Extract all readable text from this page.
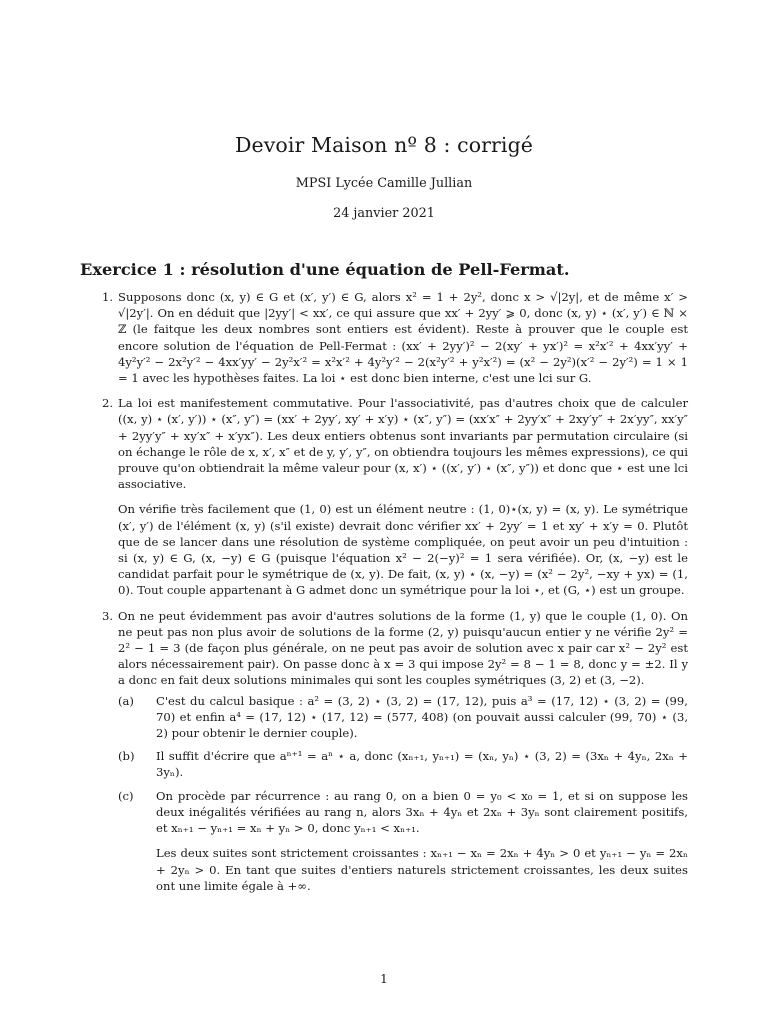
Devoir Maison nº 8 : corrigé
MPSI Lycée Camille Jullian
24 janvier 2021
Exercice 1 : résolution d'une équation de Pell-Fermat.
1. Supposons donc (x, y) ∈ G et (x′, y′) ∈ G, alors x² = 1 + 2y², donc x > √|2y|, et de même x′ > √|2y′|. On en déduit que |2yy′| < xx′, ce qui assure que xx′ + 2yy′ ⩾ 0, donc (x, y) ⋆ (x′, y′) ∈ ℕ × ℤ (le faitque les deux nombres sont entiers est évident). Reste à prouver que le couple est encore solution de l'équation de Pell-Fermat : (xx′ + 2yy′)² − 2(xy′ + yx′)² = x²x′² + 4xx′yy′ + 4y²y′² − 2x²y′² − 4xx′yy′ − 2y²x′² = x²x′² + 4y²y′² − 2(x²y′² + y²x′²) = (x² − 2y²)(x′² − 2y′²) = 1 × 1 = 1 avec les hypothèses faites. La loi ⋆ est donc bien interne, c'est une lci sur G.

2. La loi est manifestement commutative. Pour l'associativité, pas d'autres choix que de calculer ((x, y) ⋆ (x′, y′)) ⋆ (x″, y″) = (xx′ + 2yy′, xy′ + x′y) ⋆ (x″, y″) = (xx′x″ + 2yy′x″ + 2xy′y″ + 2x′yy″, xx′y″ + 2yy′y″ + xy′x″ + x′yx″). Les deux entiers obtenus sont invariants par permutation circulaire (si on échange le rôle de x, x′, x″ et de y, y′, y″, on obtiendra toujours les mêmes expressions), ce qui prouve qu'on obtiendrait la même valeur pour (x, x′) ⋆ ((x′, y′) ⋆ (x″, y″)) et donc que ⋆ est une lci associative.

On vérifie très facilement que (1, 0) est un élément neutre : (1, 0)⋆(x, y) = (x, y). Le symétrique (x′, y′) de l'élément (x, y) (s'il existe) devrait donc vérifier xx′ + 2yy′ = 1 et xy′ + x′y = 0. Plutôt que de se lancer dans une résolution de système compliquée, on peut avoir un peu d'intuition : si (x, y) ∈ G, (x, −y) ∈ G (puisque l'équation x² − 2(−y)² = 1 sera vérifiée). Or, (x, −y) est le candidat parfait pour le symétrique de (x, y). De fait, (x, y) ⋆ (x, −y) = (x² − 2y², −xy + yx) = (1, 0). Tout couple appartenant à G admet donc un symétrique pour la loi ⋆, et (G, ⋆) est un groupe.

3. On ne peut évidemment pas avoir d'autres solutions de la forme (1, y) que le couple (1, 0). On ne peut pas non plus avoir de solutions de la forme (2, y) puisqu'aucun entier y ne vérifie 2y² = 2² − 1 = 3 (de façon plus générale, on ne peut pas avoir de solution avec x pair car x² − 2y² est alors nécessairement pair). On passe donc à x = 3 qui impose 2y² = 8 − 1 = 8, donc y = ±2. Il y a donc en fait deux solutions minimales qui sont les couples symétriques (3, 2) et (3, −2).

(a) C'est du calcul basique : a² = (3, 2) ⋆ (3, 2) = (17, 12), puis a³ = (17, 12) ⋆ (3, 2) = (99, 70) et enfin a⁴ = (17, 12) ⋆ (17, 12) = (577, 408) (on pouvait aussi calculer (99, 70) ⋆ (3, 2) pour obtenir le dernier couple).

(b) Il suffit d'écrire que aⁿ⁺¹ = aⁿ ⋆ a, donc (xₙ₊₁, yₙ₊₁) = (xₙ, yₙ) ⋆ (3, 2) = (3xₙ + 4yₙ, 2xₙ + 3yₙ).

(c) On procède par récurrence : au rang 0, on a bien 0 = y₀ < x₀ = 1, et si on suppose les deux inégalités vérifiées au rang n, alors 3xₙ + 4yₙ et 2xₙ + 3yₙ sont clairement positifs, et xₙ₊₁ − yₙ₊₁ = xₙ + yₙ > 0, donc yₙ₊₁ < xₙ₊₁.

Les deux suites sont strictement croissantes : xₙ₊₁ − xₙ = 2xₙ + 4yₙ > 0 et yₙ₊₁ − yₙ = 2xₙ + 2yₙ > 0. En tant que suites d'entiers naturels strictement croissantes, les deux suites ont une limite égale à +∞.

1
